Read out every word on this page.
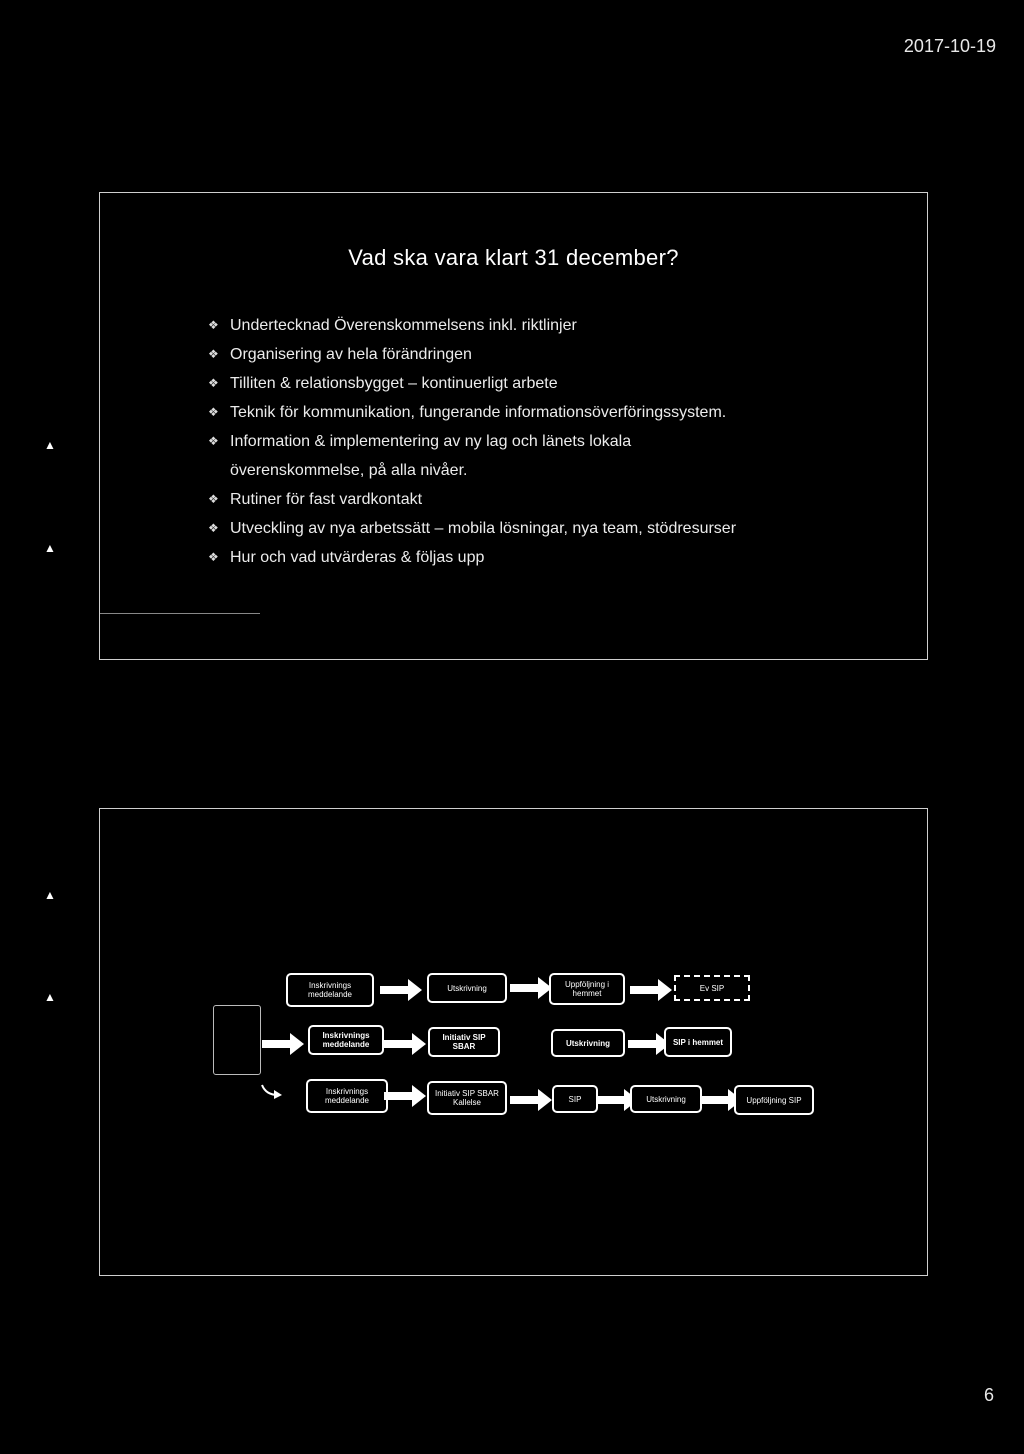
2017-10-19
▲
▲
▲
▲
Vad ska vara klart 31 december?
❖ Undertecknad Överenskommelsens inkl. riktlinjer
❖ Organisering av hela förändringen
❖ Tilliten & relationsbygget – kontinuerligt arbete
❖ Teknik för kommunikation, fungerande informationsöverföringssystem.
❖ Information & implementering av ny lag och länets lokala
överenskommelse, på alla nivåer.
❖ Rutiner för fast vardkontakt
❖ Utveckling av nya arbetssätt – mobila lösningar, nya team, stödresurser
❖ Hur och vad utvärderas & följas upp
Inskrivnings meddelande
Utskrivning	Uppföljning i hemmet
Ev SIP
Inskrivnings meddelande
Initiativ SIP SBAR	Utskrivning	SIP i hemmet
Inskrivnings meddelande
Initiativ SIP SBAR Kallelse	SIP	Utskrivning	Uppföljning SIP
6
